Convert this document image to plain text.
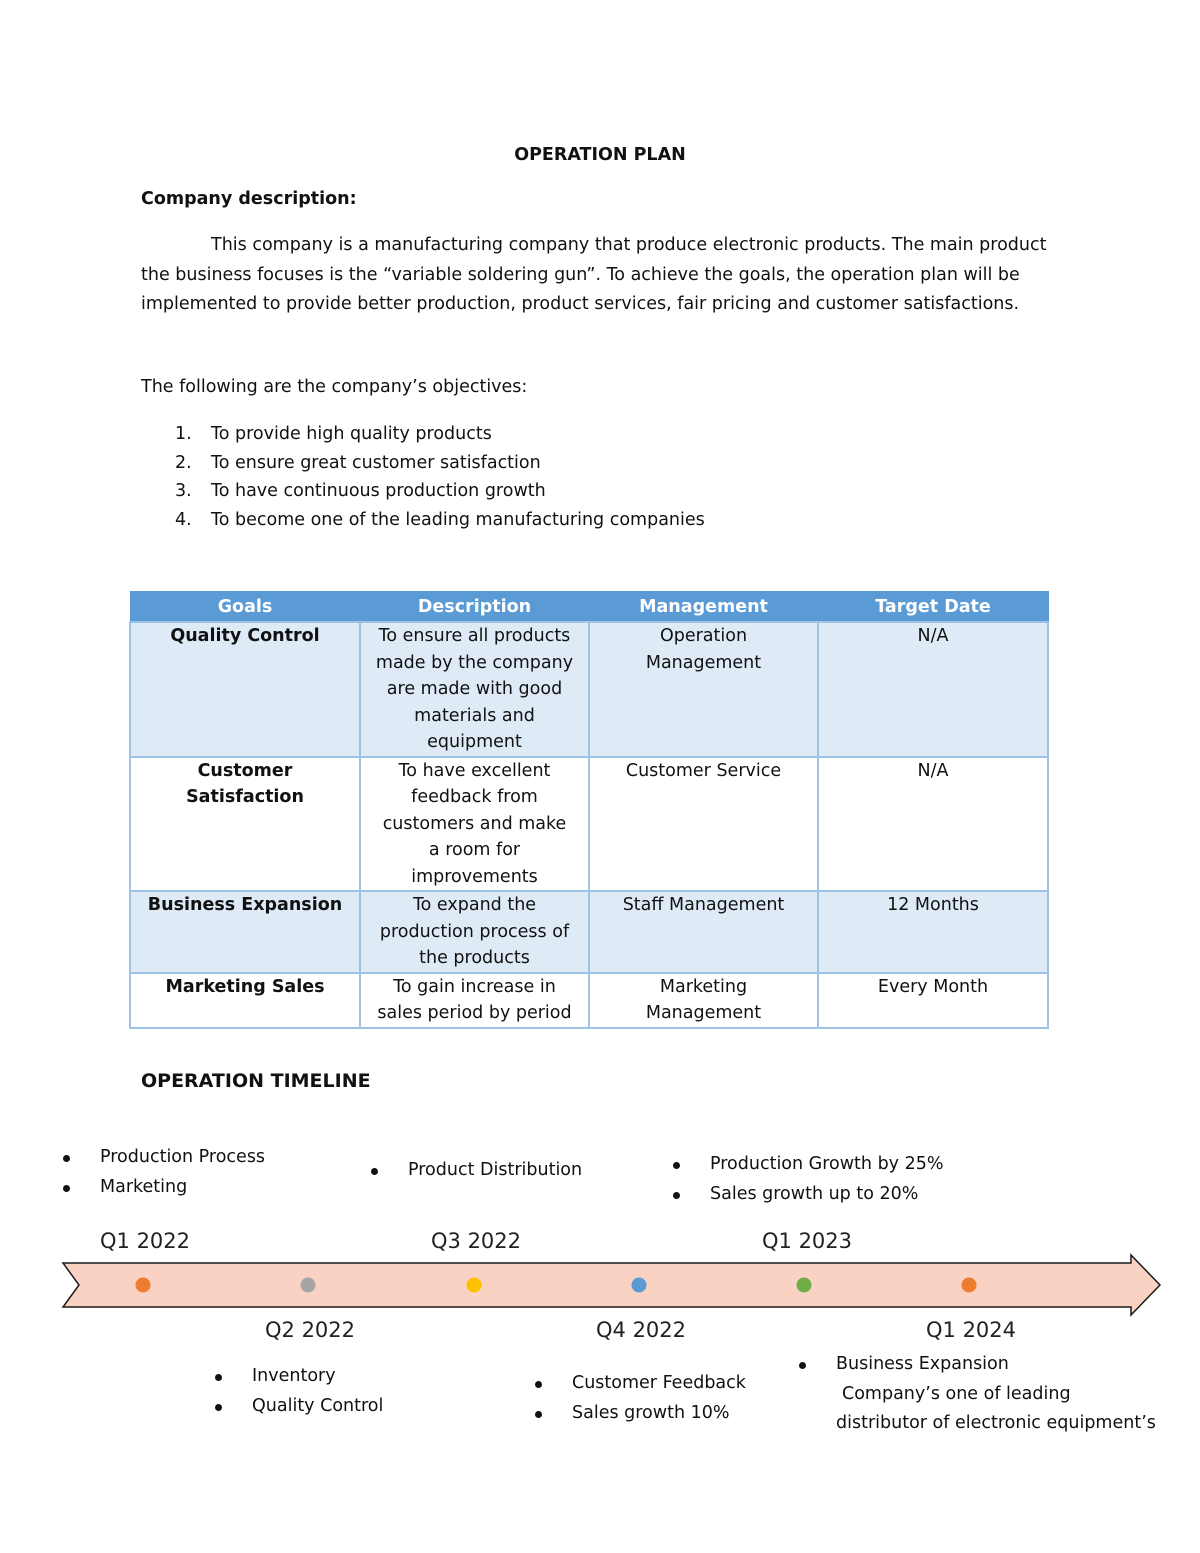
OPERATION PLAN
Company description:
This company is a manufacturing company that produce electronic products. The main product the business focuses is the “variable soldering gun”. To achieve the goals, the operation plan will be implemented to provide better production, product services, fair pricing and customer satisfactions.
The following are the company’s objectives:
1. To provide high quality products
2. To ensure great customer satisfaction
3. To have continuous production growth
4. To become one of the leading manufacturing companies
Goals	Description	Management	Target Date
Quality Control	To ensure all products made by the company are made with good materials and equipment	Operation Management	N/A
Customer Satisfaction	To have excellent feedback from customers and make a room for improvements	Customer Service	N/A
Business Expansion	To expand the production process of the products	Staff Management	12 Months
Marketing Sales	To gain increase in sales period by period	Marketing Management	Every Month
OPERATION TIMELINE
Q1 2022
Q2 2022
Q3 2022
Q4 2022
Q1 2023
Q1 2024
Production Process
Marketing
Inventory
Quality Control
Product Distribution
Customer Feedback
Sales growth 10%
Production Growth by 25%
Sales growth up to 20%
Business Expansion
Company’s one of leading
distributor of electronic equipment’s
